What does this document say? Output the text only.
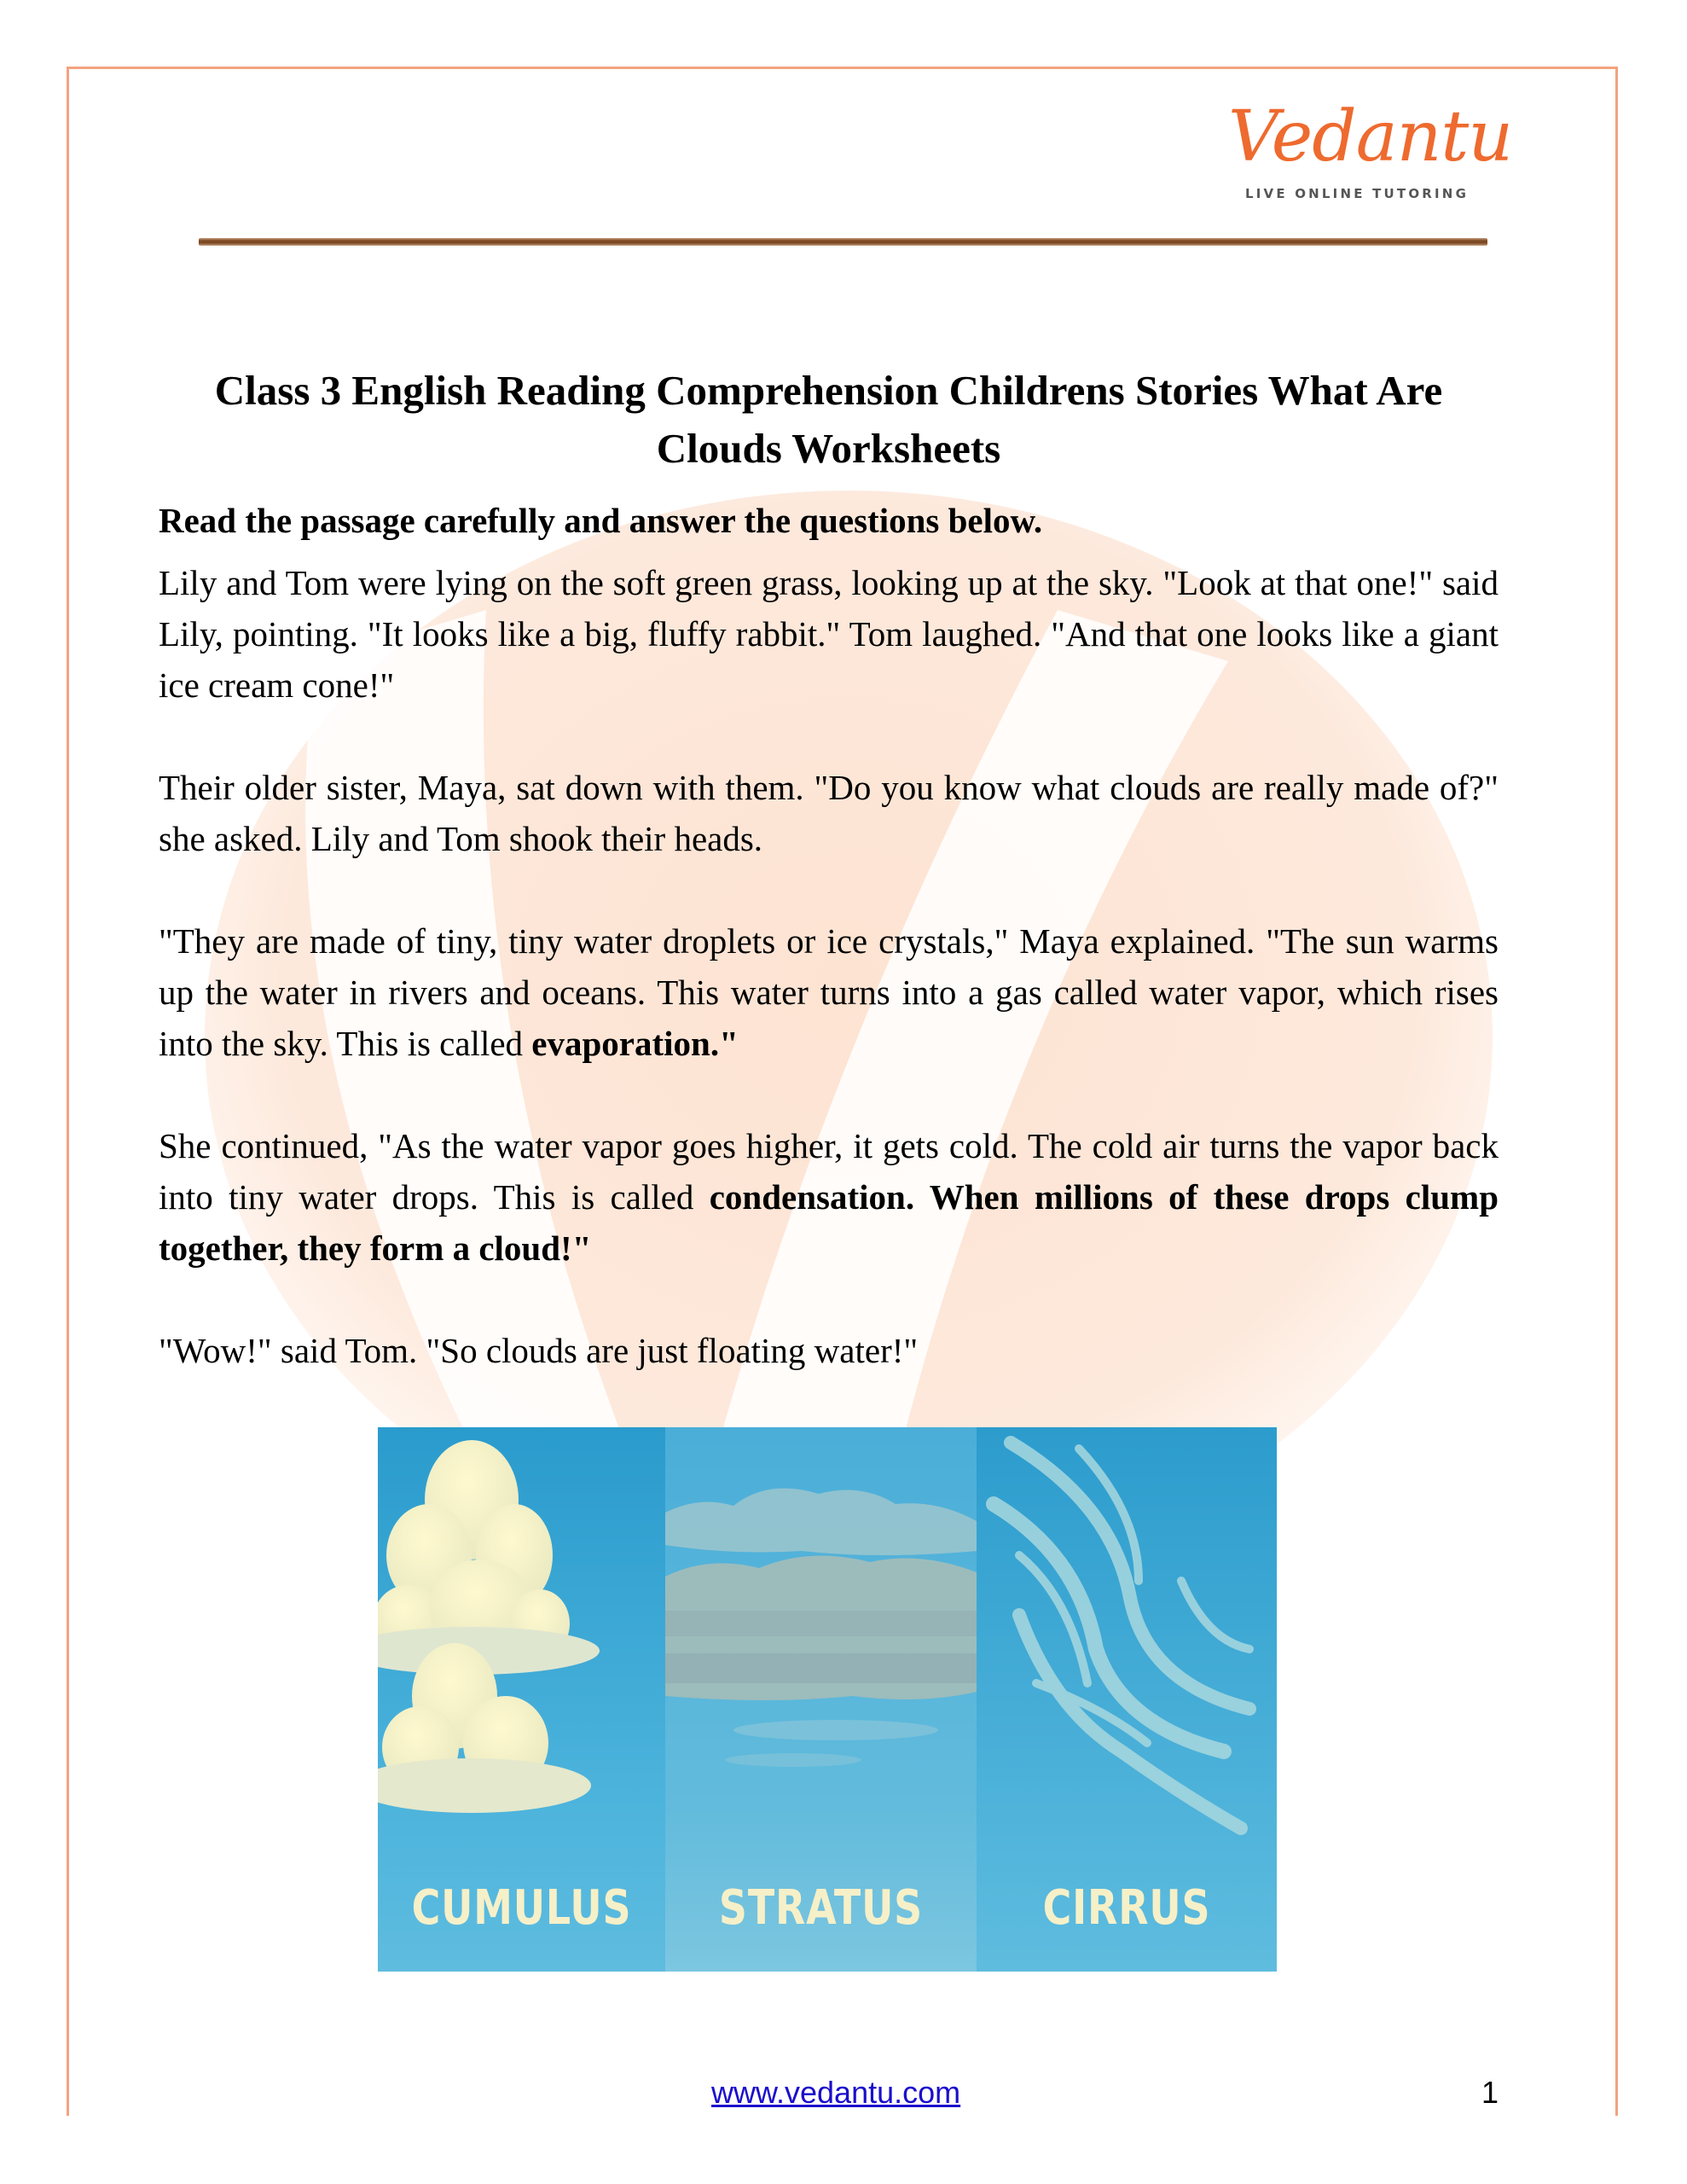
Vedantu
LIVE ONLINE TUTORING
Class 3 English Reading Comprehension Childrens Stories What Are Clouds Worksheets
Read the passage carefully and answer the questions below.

Lily and Tom were lying on the soft green grass, looking up at the sky. "Look at that one!" said Lily, pointing. "It looks like a big, fluffy rabbit." Tom laughed. "And that one looks like a giant ice cream cone!"

Their older sister, Maya, sat down with them. "Do you know what clouds are really made of?" she asked. Lily and Tom shook their heads.

"They are made of tiny, tiny water droplets or ice crystals," Maya explained. "The sun warms up the water in rivers and oceans. This water turns into a gas called water vapor, which rises into the sky. This is called evaporation."

She continued, "As the water vapor goes higher, it gets cold. The cold air turns the vapor back into tiny water drops. This is called condensation. When millions of these drops clump together, they form a cloud!"

"Wow!" said Tom. "So clouds are just floating water!"

CUMULUS	STRATUS	CIRRUS
www.vedantu.com	1
